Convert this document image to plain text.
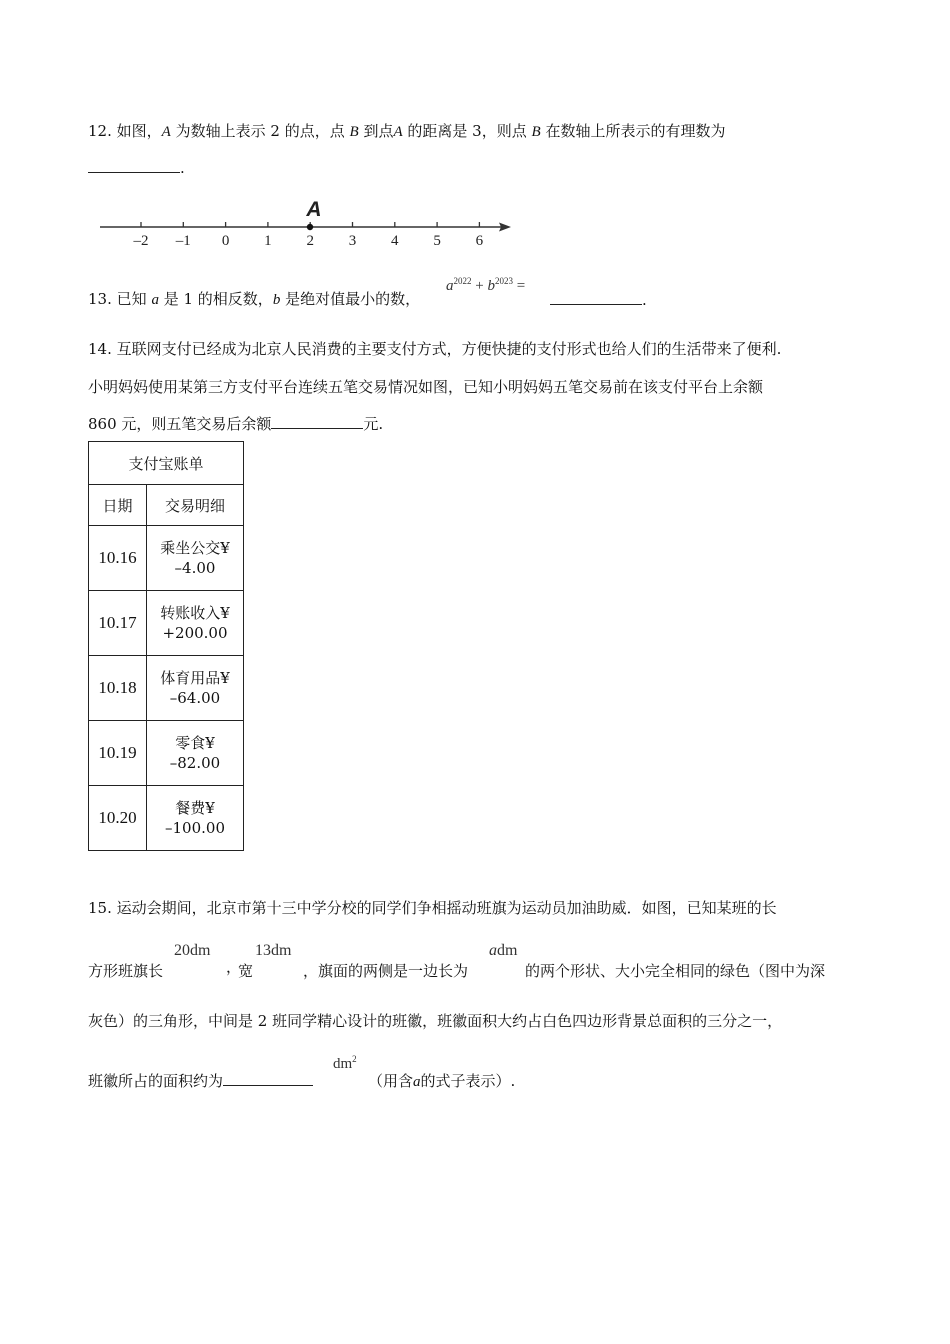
12. 如图，A 为数轴上表示 2 的点，点 B 到点A 的距离是 3，则点 B 在数轴上所表示的有理数为
.
–2 –1 0 1 2 3 4 5 6
A
13. 已知 a 是 1 的相反数，b 是绝对值最小的数，
$a^{2022} + b^{2023}$ =
.
14. 互联网支付已经成为北京人民消费的主要支付方式，方便快捷的支付形式也给人们的生活带来了便利.
小明妈妈使用某第三方支付平台连续五笔交易情况如图，已知小明妈妈五笔交易前在该支付平台上余额
860 元，则五笔交易后余额	元.
支付宝账单	
日期	交易明细
10.16	乘坐公交¥
–4.00

10.17	转账收入¥
+200.00

10.18	体育用品¥
–64.00

10.19	零食¥
–82.00

10.20	餐费¥
–100.00
15. 运动会期间，北京市第十三中学分校的同学们争相摇动班旗为运动员加油助威．如图，已知某班的长
方形班旗长
20dm
，
宽
13dm
，旗面的两侧是一边长为
adm
的两个形状、大小完全相同的绿色（图中为深
灰色）的三角形，中间是 2 班同学精心设计的班徽，班徽面积大约占白色四边形背景总面积的三分之一，
班徽所占的面积约为
$dm^2$
（用含a的式子表示）.
